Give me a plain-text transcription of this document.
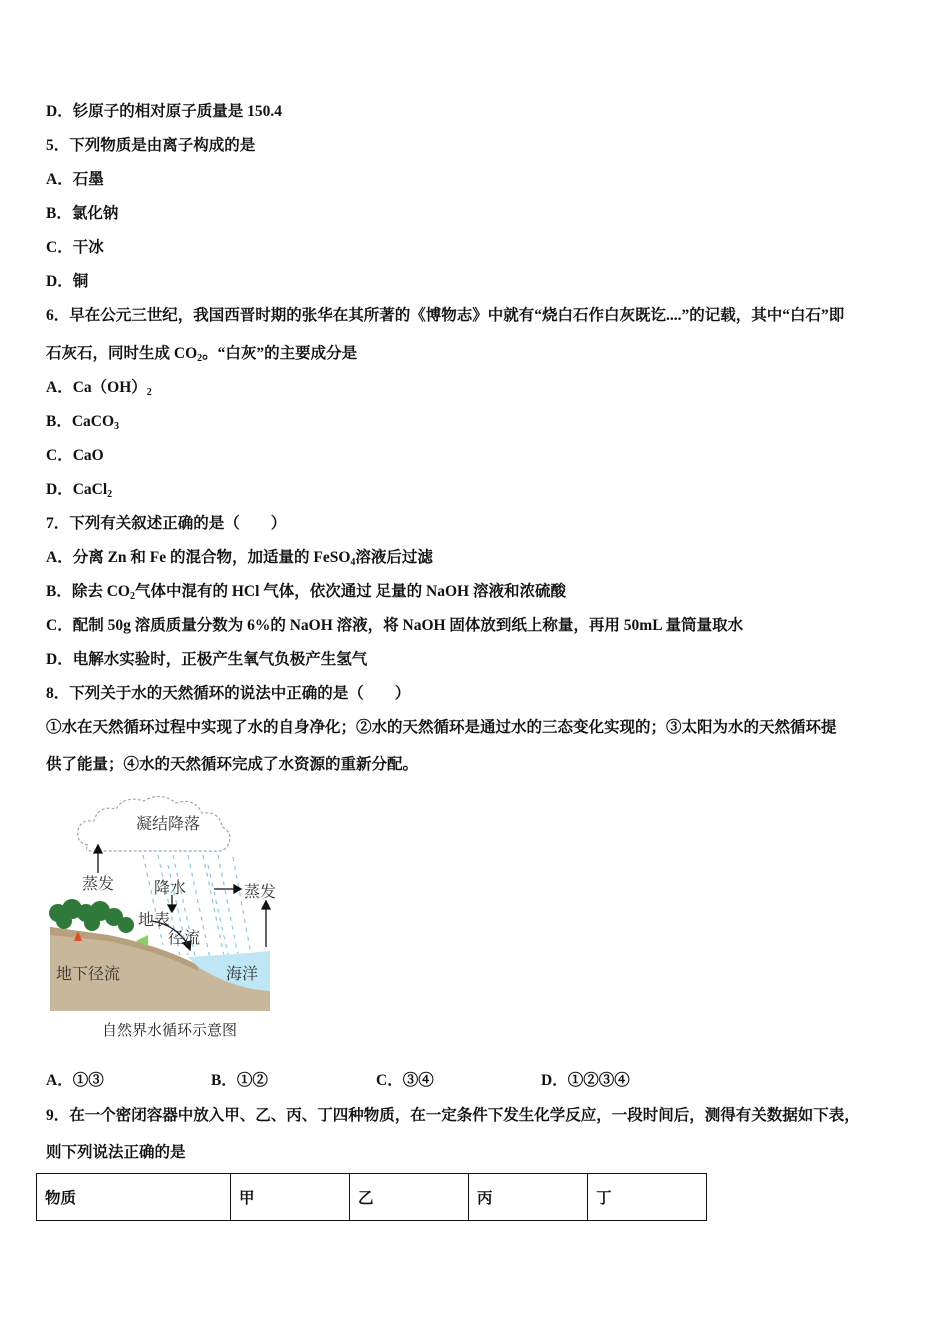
D．钐原子的相对原子质量是 150.4
5．下列物质是由离子构成的是
A．石墨
B．氯化钠
C．干冰
D．铜
6．早在公元三世纪，我国西晋时期的张华在其所著的《博物志》中就有“烧白石作白灰既讫....”的记载，其中“白石”即
石灰石，同时生成 $CO_2$。“白灰”的主要成分是
A．$Ca(OH)_2$
B．CaCO$_3$
C．CaO
D．CaCl$_2$
7．下列有关叙述正确的是（　　）
A．分离 Zn 和 Fe 的混合物，加适量的 FeSO$_4$溶液后过滤
B．除去 $CO_2$气体中混有的 HCl 气体，依次通过 足量的 NaOH 溶液和浓硫酸
C．配制 50g 溶质质量分数为 6%的 NaOH 溶液，将 NaOH 固体放到纸上称量，再用 50mL 量筒量取水
D．电解水实验时，正极产生氧气负极产生氢气
8．下列关于水的天然循环的说法中正确的是（　　）
①水在天然循环过程中实现了水的自身净化；②水的天然循环是通过水的三态变化实现的；③太阳为水的天然循环提
供了能量；④水的天然循环完成了水资源的重新分配。
凝结降落
蒸发 降水	蒸发
地表
径流
地下径流	海洋
自然界水循环示意图
A．①③	B．①②	C．③④	D．①②③④
9．在一个密闭容器中放入甲、乙、丙、丁四种物质，在一定条件下发生化学反应，一段时间后，测得有关数据如下表，
则下列说法正确的是
物质	甲	乙	丙	丁
